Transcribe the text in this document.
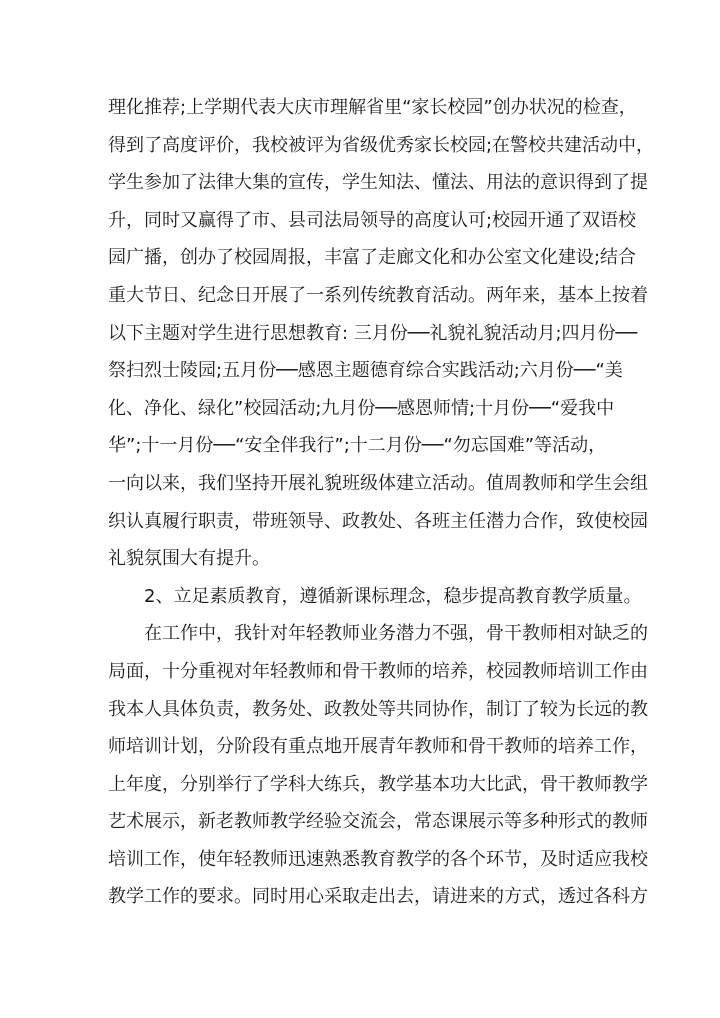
理化推荐;上学期代表大庆市理解省里“家长校园”创办状况的检查，
得到了高度评价，我校被评为省级优秀家长校园;在警校共建活动中，
学生参加了法律大集的宣传，学生知法、懂法、用法的意识得到了提
升，同时又赢得了市、县司法局领导的高度认可;校园开通了双语校
园广播，创办了校园周报，丰富了走廊文化和办公室文化建设;结合
重大节日、纪念日开展了一系列传统教育活动。两年来，基本上按着
以下主题对学生进行思想教育: 三月份──礼貌礼貌活动月;四月份──
祭扫烈士陵园;五月份──感恩主题德育综合实践活动;六月份──“美
化、净化、绿化”校园活动;九月份──感恩师情;十月份──“爱我中
华”;十一月份──“安全伴我行”;十二月份──“勿忘国难”等活动，
一向以来，我们坚持开展礼貌班级体建立活动。值周教师和学生会组
织认真履行职责，带班领导、政教处、各班主任潜力合作，致使校园
礼貌氛围大有提升。
2、立足素质教育，遵循新课标理念，稳步提高教育教学质量。
在工作中，我针对年轻教师业务潜力不强，骨干教师相对缺乏的
局面，十分重视对年轻教师和骨干教师的培养，校园教师培训工作由
我本人具体负责，教务处、政教处等共同协作，制订了较为长远的教
师培训计划，分阶段有重点地开展青年教师和骨干教师的培养工作，
上年度，分别举行了学科大练兵，教学基本功大比武，骨干教师教学
艺术展示，新老教师教学经验交流会，常态课展示等多种形式的教师
培训工作，使年轻教师迅速熟悉教育教学的各个环节，及时适应我校
教学工作的要求。同时用心采取走出去，请进来的方式，透过各科方
